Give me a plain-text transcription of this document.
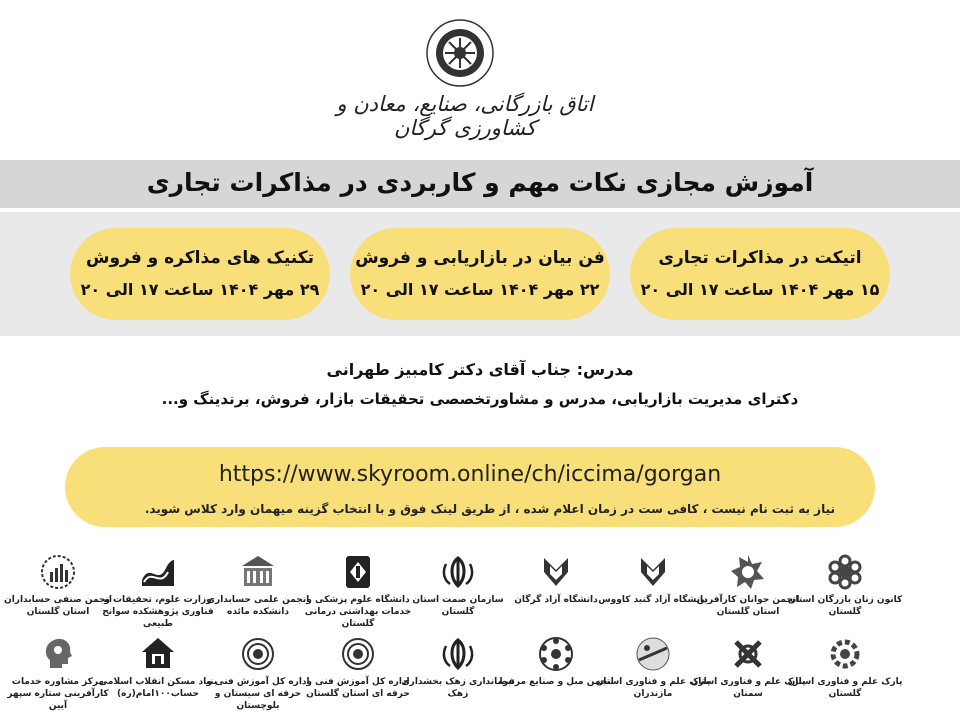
اتاق بازرگانی، صنایع، معادن و کشاورزی گرگان
آموزش مجازی نکات مهم و کاربردی در مذاکرات تجاری
اتیکت در مذاکرات تجاری
۱۵ مهر ۱۴۰۴ ساعت ۱۷ الی ۲۰
فن بیان در بازاریابی و فروش
۲۲ مهر ۱۴۰۴ ساعت ۱۷ الی ۲۰
تکنیک های مذاکره و فروش
۲۹ مهر ۱۴۰۴ ساعت ۱۷ الی ۲۰
مدرس: جناب آقای دکتر کامبیز طهرانی
دکترای مدیریت بازاریابی، مدرس و مشاورتخصصی تحقیقات بازار، فروش، برندینگ و...
https://www.skyroom.online/ch/iccima/gorgan
نیاز به ثبت نام نیست ، کافی ست در زمان اعلام شده ، از طریق لینک فوق و با انتخاب گزینه میهمان وارد کلاس شوید.
کانون زنان بازرگان استان گلستان
انجمن جوانان کارآفرین استان گلستان
دانشگاه آزاد گنبد کاووس
دانشگاه آزاد گرگان
سازمان صمت استان گلستان
دانشگاه علوم پزشکی و خدمات بهداشتی درمانی گلستان
انجمن علمی حسابداری دانشکده مائده
وزارت علوم، تحقیقات و فناوری پژوهشکده سوانح طبیعی
انجمن صنفی حسابداران استان گلستان
پارک علم و فناوری استان گلستان
پارک علم و فناوری استان سمنان
پارک علم و فناوری استان مازندران
انجمن مبل و صنایع مرتبط
فرمانداری زهک بخشداری زهک
اداره کل آموزش فنی و حرفه ای استان گلستان
اداره کل آموزش فنی و حرفه ای سیستان و بلوچستان
بنیاد مسکن انقلاب اسلامی حساب۱۰۰امام(ره)
مرکز مشاوره خدمات کارآفرینی ستاره سپهر آیین
